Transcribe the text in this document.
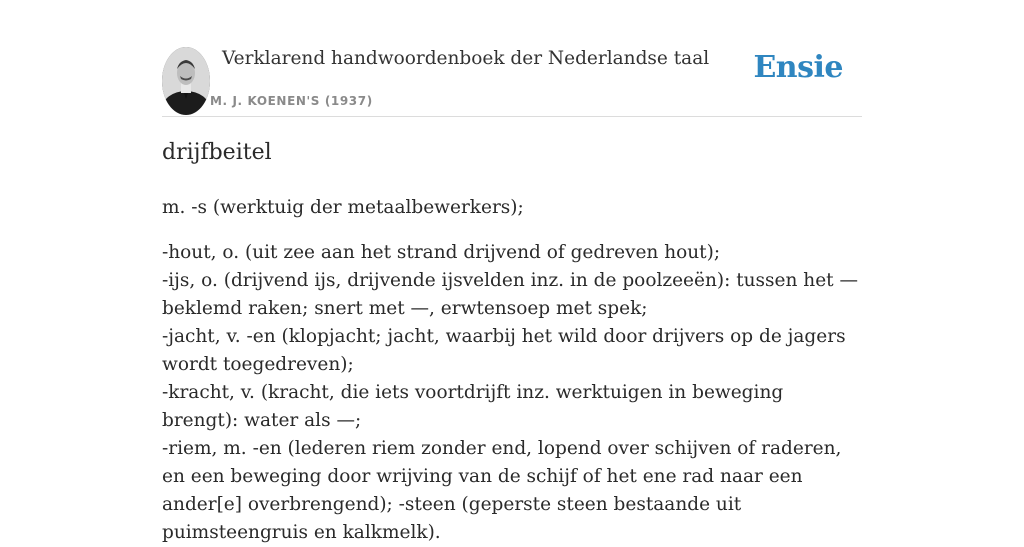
Verklarend handwoordenboek der Nederlandse taal
M. J. KOENEN'S (1937)
Ensie
drijfbeitel
m. -s (werktuig der metaalbewerkers);

-hout, o. (uit zee aan het strand drijvend of gedreven hout);

-ijs, o. (drijvend ijs, drijvende ijsvelden inz. in de poolzeeën): tussen het — beklemd raken; snert met —, erwtensoep met spek;

-jacht, v. -en (klopjacht; jacht, waarbij het wild door drijvers op de jagers wordt toegedreven);

-kracht, v. (kracht, die iets voortdrijft inz. werktuigen in beweging brengt): water als —;

-riem, m. -en (lederen riem zonder end, lopend over schijven of raderen, en een beweging door wrijving van de schijf of het ene rad naar een ander[e] overbrengend); -steen (geperste steen bestaande uit puimsteengruis en kalkmelk).
